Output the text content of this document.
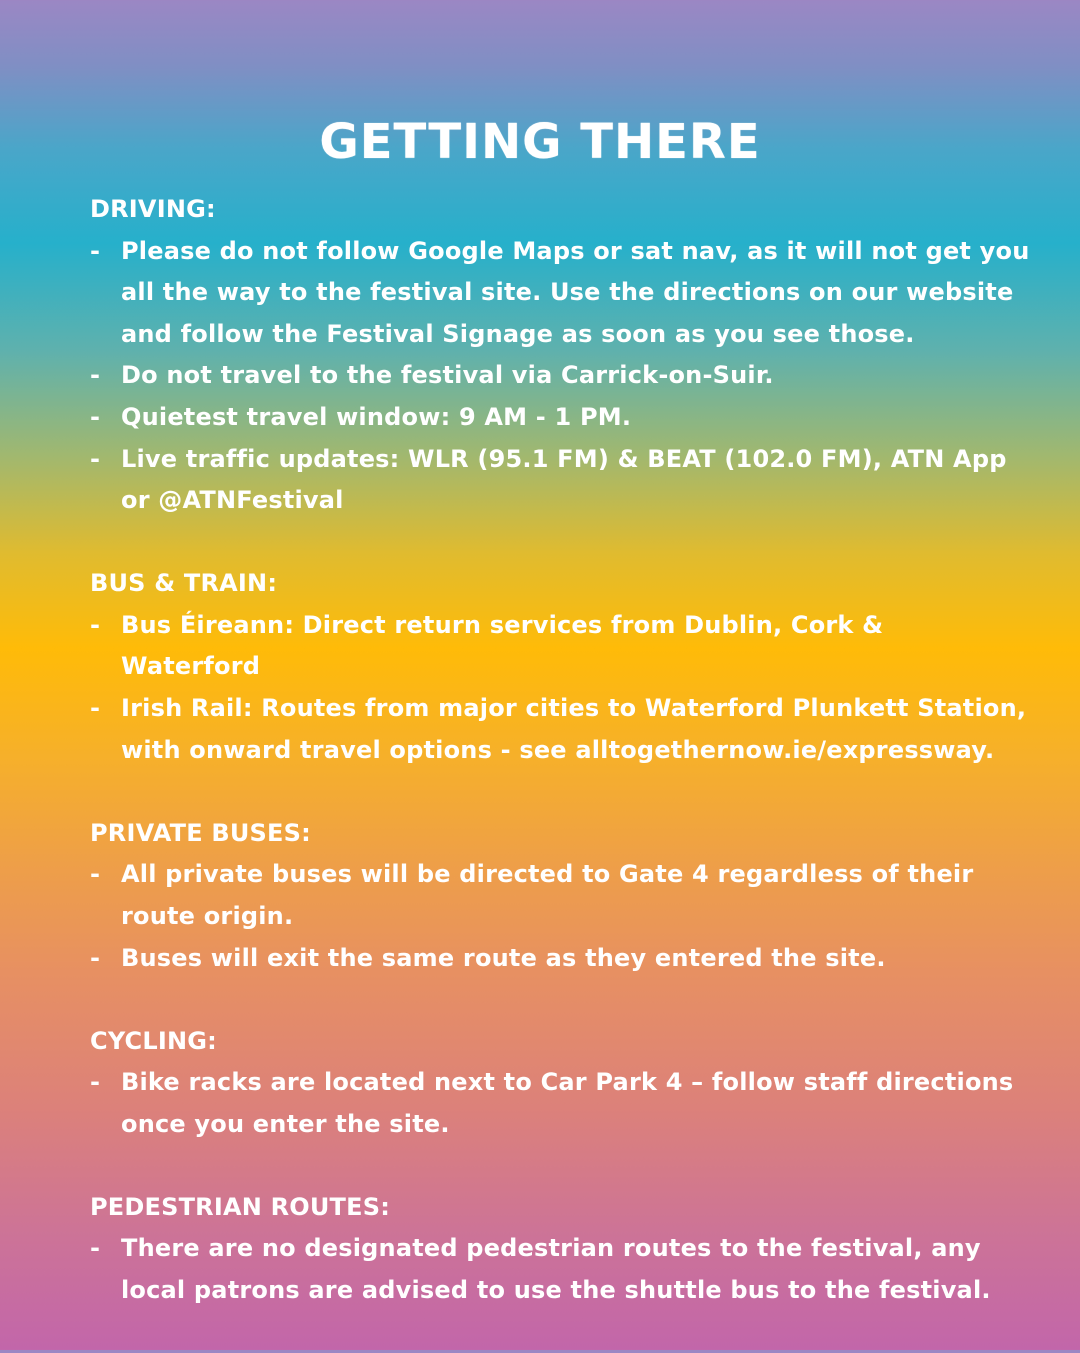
GETTING THERE

DRIVING:

- Please do not follow Google Maps or sat nav, as it will not get you all the way to the festival site. Use the directions on our website and follow the Festival Signage as soon as you see those.
- Do not travel to the festival via Carrick-on-Suir.
- Quietest travel window: 9 AM - 1 PM.
- Live traffic updates: WLR (95.1 FM) & BEAT (102.0 FM), ATN App or @ATNFestival

BUS & TRAIN:

- Bus Éireann: Direct return services from Dublin, Cork & Waterford
- Irish Rail: Routes from major cities to Waterford Plunkett Station, with onward travel options - see alltogethernow.ie/expressway.

PRIVATE BUSES:

- All private buses will be directed to Gate 4 regardless of their route origin.
- Buses will exit the same route as they entered the site.

CYCLING:

- Bike racks are located next to Car Park 4 – follow staff directions once you enter the site.

PEDESTRIAN ROUTES:

- There are no designated pedestrian routes to the festival, any local patrons are advised to use the shuttle bus to the festival.
